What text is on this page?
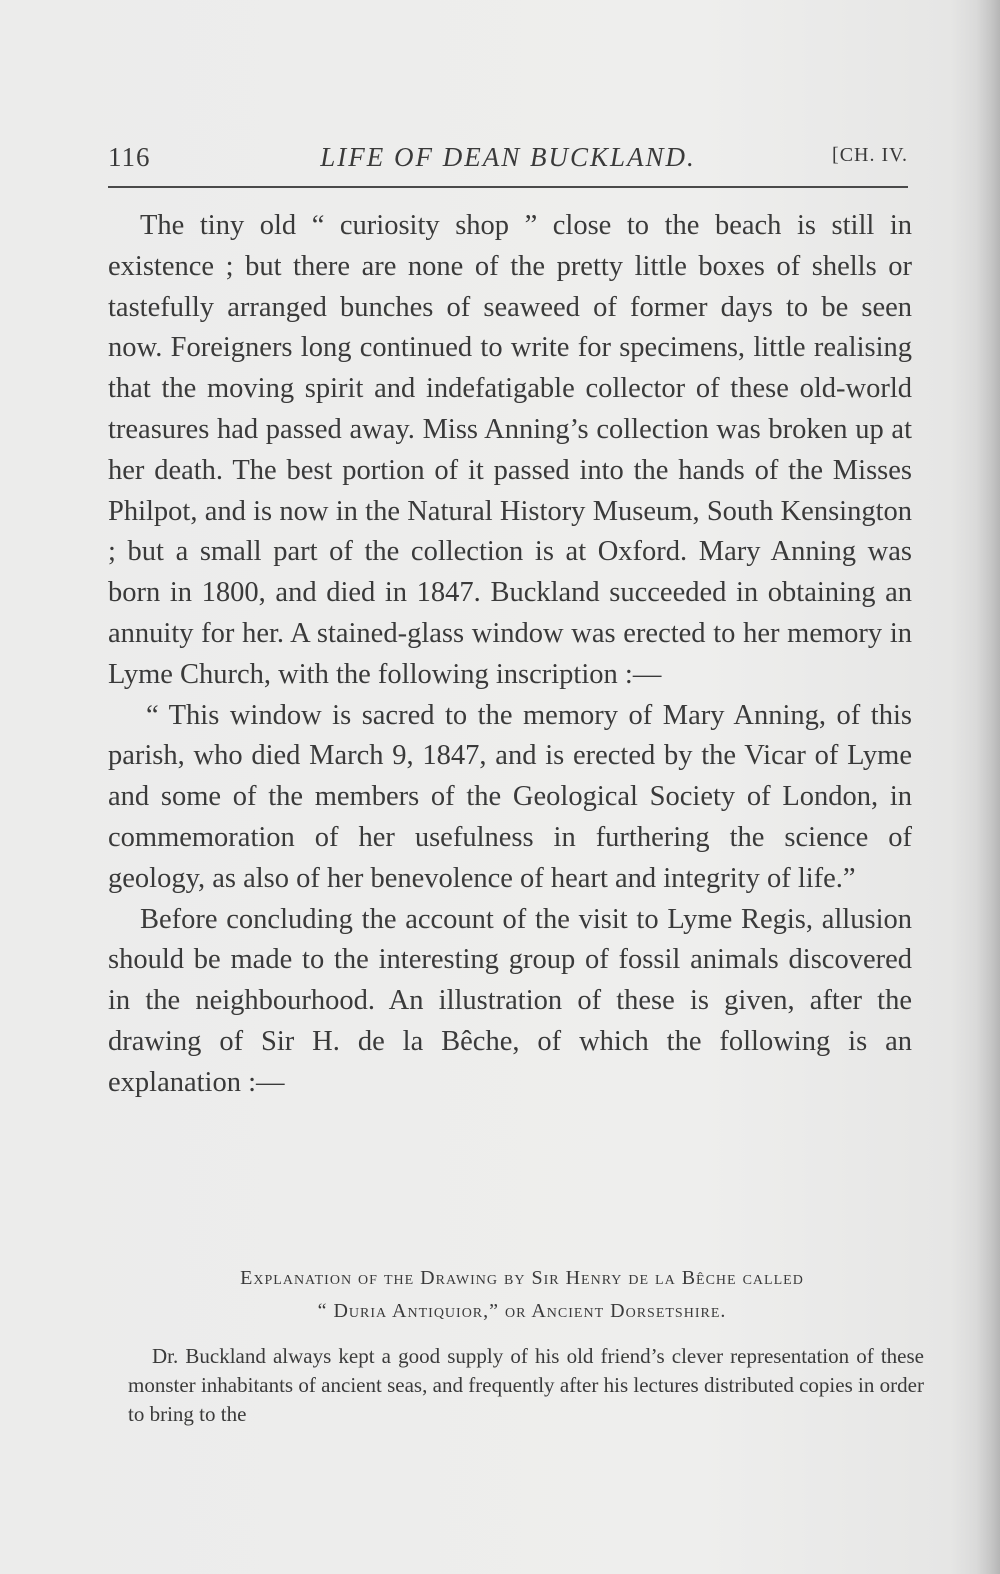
116	LIFE OF DEAN BUCKLAND.	[CH. IV.

The tiny old “ curiosity shop ” close to the beach is still in existence ; but there are none of the pretty little boxes of shells or tastefully arranged bunches of seaweed of former days to be seen now. Foreigners long continued to write for specimens, little realising that the moving spirit and indefatigable collector of these old-world treasures had passed away. Miss Anning’s collection was broken up at her death. The best portion of it passed into the hands of the Misses Philpot, and is now in the Natural History Museum, South Kensington ; but a small part of the collection is at Oxford. Mary Anning was born in 1800, and died in 1847. Buckland succeeded in obtaining an annuity for her. A stained-glass window was erected to her memory in Lyme Church, with the following inscription :—

“ This window is sacred to the memory of Mary Anning, of this parish, who died March 9, 1847, and is erected by the Vicar of Lyme and some of the members of the Geological Society of London, in commemoration of her usefulness in furthering the science of geology, as also of her benevolence of heart and integrity of life.”

Before concluding the account of the visit to Lyme Regis, allusion should be made to the interesting group of fossil animals discovered in the neighbourhood. An illustration of these is given, after the drawing of Sir H. de la Bêche, of which the following is an explanation :—

Explanation of the Drawing by Sir Henry de la Bêche called

“ Duria Antiquior,” or Ancient Dorsetshire.

Dr. Buckland always kept a good supply of his old friend’s clever representation of these monster inhabitants of ancient seas, and frequently after his lectures distributed copies in order to bring to the
